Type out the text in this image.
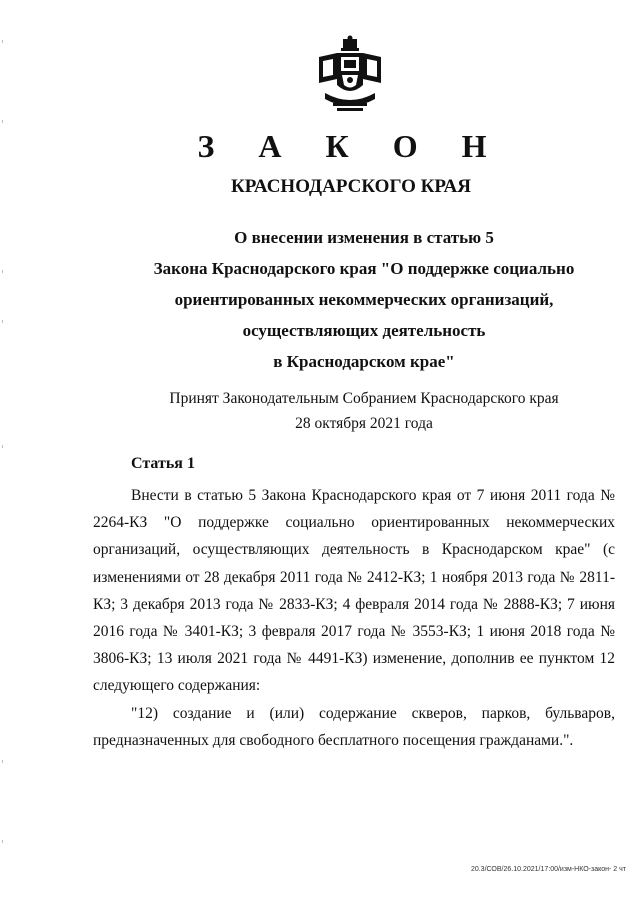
З А К О Н
КРАСНОДАРСКОГО КРАЯ
О внесении изменения в статью 5
Закона Краснодарского края "О поддержке социально
ориентированных некоммерческих организаций,
осуществляющих деятельность
в Краснодарском крае"
Принят Законодательным Собранием Краснодарского края
28 октября 2021 года
Статья 1

Внести в статью 5 Закона Краснодарского края от 7 июня 2011 года № 2264-КЗ "О поддержке социально ориентированных некоммерческих организаций, осуществляющих деятельность в Краснодарском крае" (с изменениями от 28 декабря 2011 года № 2412-КЗ; 1 ноября 2013 года № 2811-КЗ; 3 декабря 2013 года № 2833-КЗ; 4 февраля 2014 года № 2888-КЗ; 7 июня 2016 года № 3401-КЗ; 3 февраля 2017 года № 3553-КЗ; 1 июня 2018 года № 3806-КЗ; 13 июля 2021 года № 4491-КЗ) изменение, дополнив ее пунктом 12 следующего содержания:

"12) создание и (или) содержание скверов, парков, бульваров, предназначенных для свободного бесплатного посещения гражданами.".

20.3/СОВ/26.10.2021/17:00/изм-НКО-закон- 2 чт
